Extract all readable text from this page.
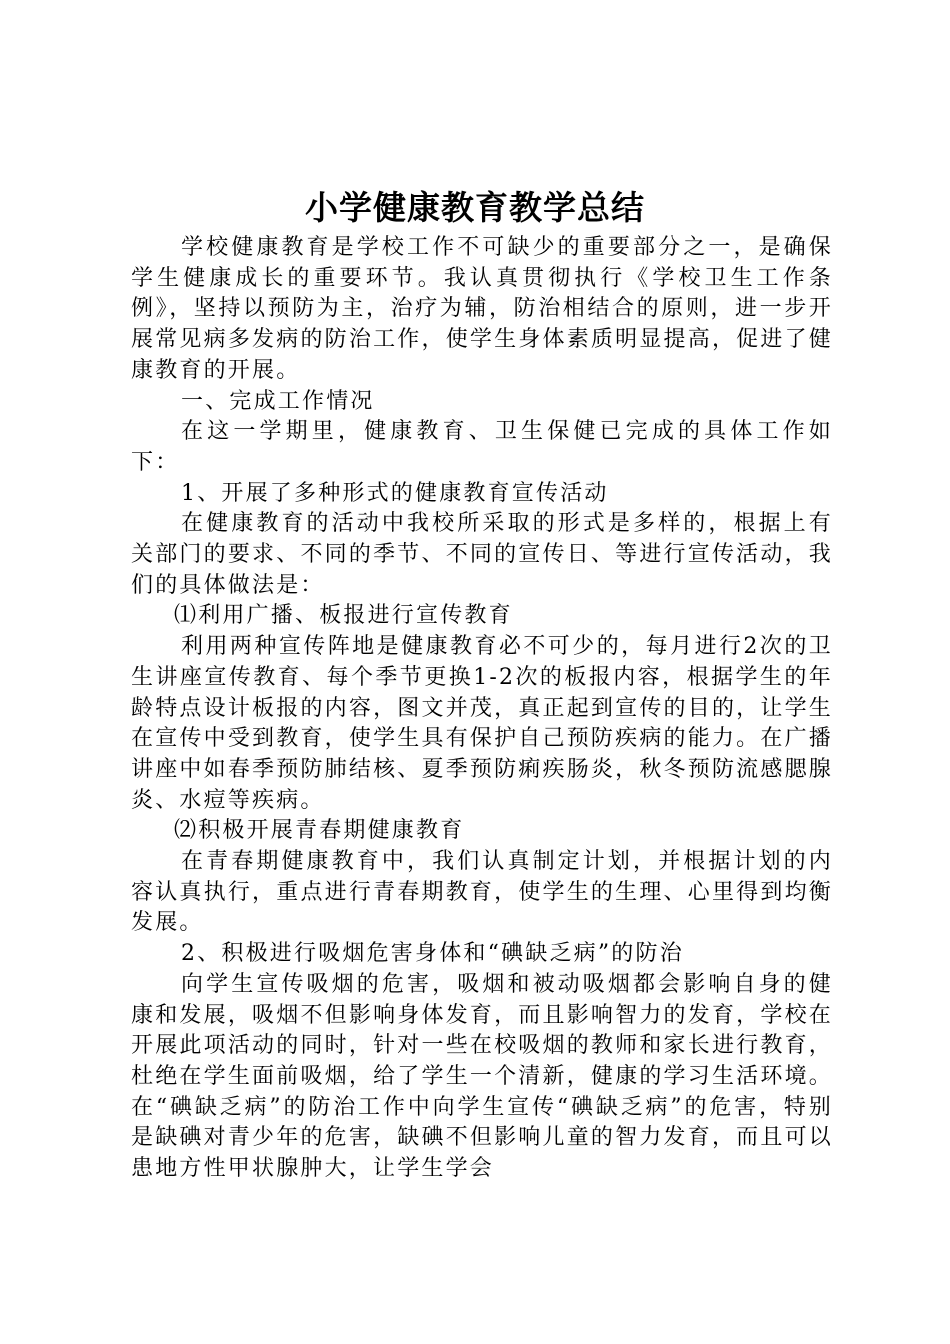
小学健康教育教学总结

学校健康教育是学校工作不可缺少的重要部分之一，是确保学生健康成长的重要环节。我认真贯彻执行《学校卫生工作条例》，坚持以预防为主，治疗为辅，防治相结合的原则，进一步开展常见病多发病的防治工作，使学生身体素质明显提高，促进了健康教育的开展。

一、完成工作情况

在这一学期里，健康教育、卫生保健已完成的具体工作如下：

1、开展了多种形式的健康教育宣传活动

在健康教育的活动中我校所采取的形式是多样的，根据上有关部门的要求、不同的季节、不同的宣传日、等进行宣传活动，我们的具体做法是：

⑴利用广播、板报进行宣传教育

利用两种宣传阵地是健康教育必不可少的，每月进行2次的卫生讲座宣传教育、每个季节更换1-2次的板报内容，根据学生的年龄特点设计板报的内容，图文并茂，真正起到宣传的目的，让学生在宣传中受到教育，使学生具有保护自己预防疾病的能力。在广播讲座中如春季预防肺结核、夏季预防痢疾肠炎，秋冬预防流感腮腺炎、水痘等疾病。

⑵积极开展青春期健康教育

在青春期健康教育中，我们认真制定计划，并根据计划的内容认真执行，重点进行青春期教育，使学生的生理、心里得到均衡发展。

2、积极进行吸烟危害身体和“碘缺乏病”的防治

向学生宣传吸烟的危害，吸烟和被动吸烟都会影响自身的健康和发展，吸烟不但影响身体发育，而且影响智力的发育，学校在开展此项活动的同时，针对一些在校吸烟的教师和家长进行教育，杜绝在学生面前吸烟，给了学生一个清新，健康的学习生活环境。在“碘缺乏病”的防治工作中向学生宣传“碘缺乏病”的危害，特别是缺碘对青少年的危害，缺碘不但影响儿童的智力发育，而且可以患地方性甲状腺肿大，让学生学会
